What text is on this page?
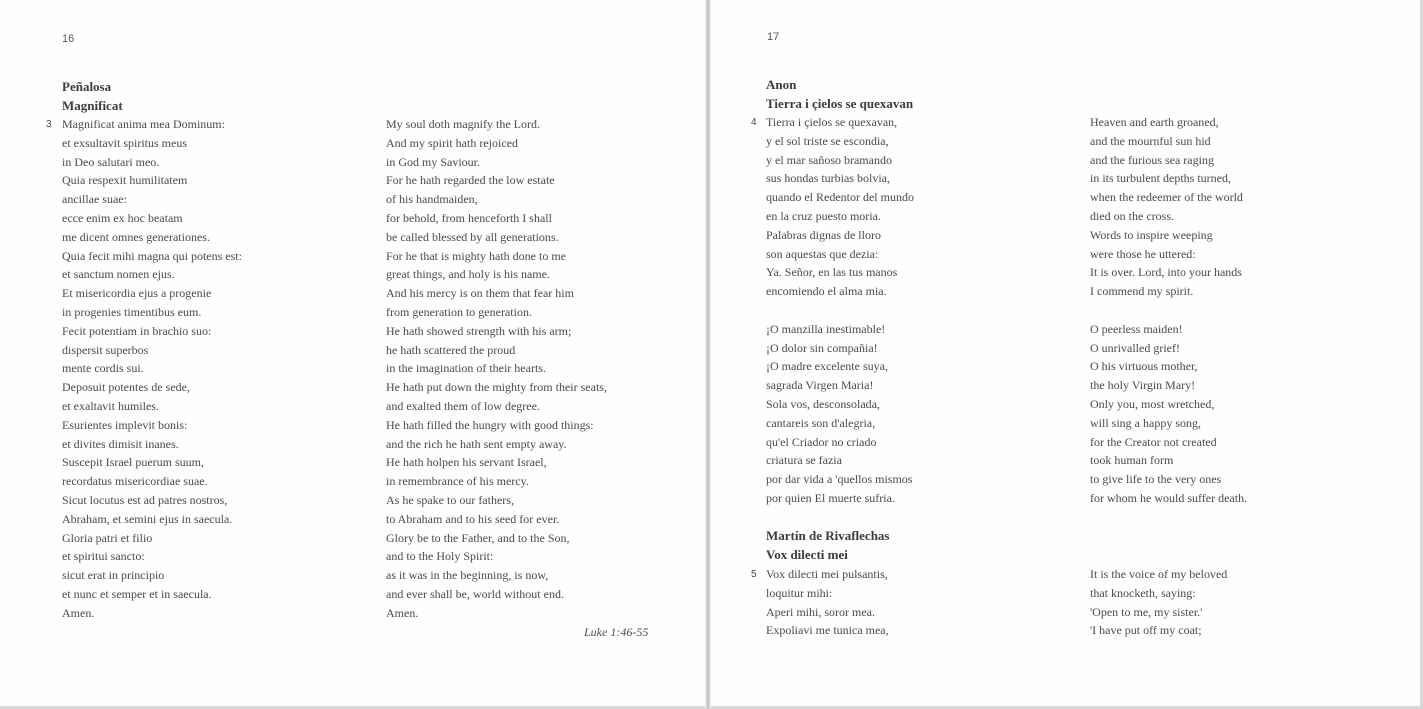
16
Peñalosa
Magnificat
3 Magnificat anima mea Dominum:
et exsultavit spiritus meus
in Deo salutari meo.
Quia respexit humilitatem
ancillae suae:
ecce enim ex hoc beatam
me dicent omnes generationes.
Quia fecit mihi magna qui potens est:
et sanctum nomen ejus.
Et misericordia ejus a progenie
in progenies timentibus eum.
Fecit potentiam in brachio suo:
dispersit superbos
mente cordis sui.
Deposuit potentes de sede,
et exaltavit humiles.
Esurientes implevit bonis:
et divites dimisit inanes.
Suscepit Israel puerum suum,
recordatus misericordiae suae.
Sicut locutus est ad patres nostros,
Abraham, et semini ejus in saecula.
Gloria patri et filio
et spiritui sancto:
sicut erat in principio
et nunc et semper et in saecula.
Amen.
My soul doth magnify the Lord.
And my spirit hath rejoiced
in God my Saviour.
For he hath regarded the low estate
of his handmaiden,
for behold, from henceforth I shall
be called blessed by all generations.
For he that is mighty hath done to me
great things, and holy is his name.
And his mercy is on them that fear him
from generation to generation.
He hath showed strength with his arm;
he hath scattered the proud
in the imagination of their hearts.
He hath put down the mighty from their seats,
and exalted them of low degree.
He hath filled the hungry with good things:
and the rich he hath sent empty away.
He hath holpen his servant Israel,
in remembrance of his mercy.
As he spake to our fathers,
to Abraham and to his seed for ever.
Glory be to the Father, and to the Son,
and to the Holy Spirit:
as it was in the beginning, is now,
and ever shall be, world without end.
Amen.
Luke 1:46-55
17
Anon
Tierra i çielos se quexavan
4 Tierra i çielos se quexavan,
y el sol triste se escondia,
y el mar sañoso bramando
sus hondas turbias bolvia,
quando el Redentor del mundo
en la cruz puesto moria.
Palabras dignas de lloro
son aquestas que dezia:
Ya. Señor, en las tus manos
encomiendo el alma mia.
¡O manzilla inestimable!
¡O dolor sin compañia!
¡O madre excelente suya,
sagrada Virgen Maria!
Sola vos, desconsolada,
cantareis son d'alegria,
qu'el Criador no criado
criatura se fazia
por dar vida a 'quellos mismos
por quien El muerte sufria.
Heaven and earth groaned,
and the mournful sun hid
and the furious sea raging
in its turbulent depths turned,
when the redeemer of the world
died on the cross.
Words to inspire weeping
were those he uttered:
It is over. Lord, into your hands
I commend my spirit.
O peerless maiden!
O unrivalled grief!
O his virtuous mother,
the holy Virgin Mary!
Only you, most wretched,
will sing a happy song,
for the Creator not created
took human form
to give life to the very ones
for whom he would suffer death.
Martín de Rivaflechas
Vox dilecti mei
5 Vox dilecti mei pulsantis,
loquitur mihi:
Aperi mihi, soror mea.
Expoliavi me tunica mea,
It is the voice of my beloved
that knocketh, saying:
'Open to me, my sister.'
'I have put off my coat;
